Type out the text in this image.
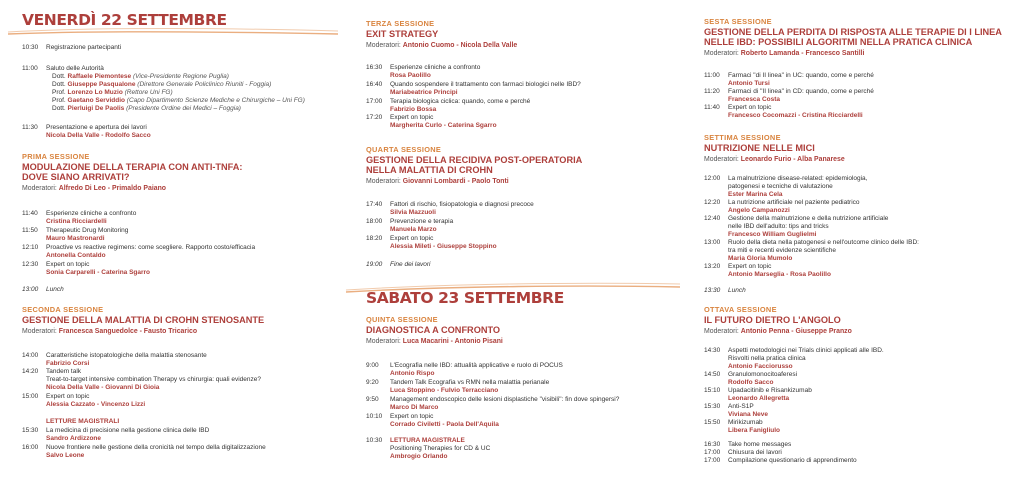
VENERDÌ 22 SETTEMBRE
10:30 Registrazione partecipanti
11:00 Saluto delle Autorità
Dott. Raffaele Piemontese (Vice-Presidente Regione Puglia)
Dott. Giuseppe Pasqualone (Direttore Generale Policlinico Riuniti - Foggia)
Prof. Lorenzo Lo Muzio (Rettore Uni FG)
Prof. Gaetano Serviddio (Capo Dipartimento Scienze Mediche e Chirurgiche – Uni FG)
Dott. Pierluigi De Paolis (Presidente Ordine dei Medici – Foggia)
11:30 Presentazione e apertura dei lavori
Nicola Della Valle - Rodolfo Sacco
PRIMA SESSIONE
MODULAZIONE DELLA TERAPIA CON ANTI-TNFA:
DOVE SIANO ARRIVATI?
Moderatori: Alfredo Di Leo - Primaldo Paiano
11:40 Esperienze cliniche a confronto
Cristina Ricciardelli
11:50 Therapeutic Drug Monitoring
Mauro Mastronardi
12:10 Proactive vs reactive regimens: come scegliere. Rapporto costo/efficacia
Antonella Contaldo
12:30 Expert on topic
Sonia Carparelli - Caterina Sgarro
13:00 Lunch
SECONDA SESSIONE
GESTIONE DELLA MALATTIA DI CROHN STENOSANTE
Moderatori: Francesca Sanguedolce - Fausto Tricarico
14:00 Caratteristiche istopatologiche della malattia stenosante
Fabrizio Corsi
14:20 Tandem talk
Treat-to-target intensive combination Therapy vs chirurgia: quali evidenze?
Nicola Della Valle - Giovanni Di Gioia
15:00 Expert on topic
Alessia Cazzato - Vincenzo Lizzi
LETTURE MAGISTRALI
15:30 La medicina di precisione nella gestione clinica delle IBD
Sandro Ardizzone
16:00 Nuove frontiere nelle gestione della cronicità nel tempo della digitalizzazione
Salvo Leone
TERZA SESSIONE
EXIT STRATEGY
Moderatori: Antonio Cuomo - Nicola Della Valle
16:30 Esperienze cliniche a confronto
Rosa Paolillo
16:40 Quando sospendere il trattamento con farmaci biologici nelle IBD?
Mariabeatrice Principi
17:00 Terapia biologica ciclica: quando, come e perché
Fabrizio Bossa
17:20 Expert on topic
Margherita Curlo - Caterina Sgarro
QUARTA SESSIONE
GESTIONE DELLA RECIDIVA POST-OPERATORIA
NELLA MALATTIA DI CROHN
Moderatori: Giovanni Lombardi - Paolo Tonti
17:40 Fattori di rischio, fisiopatologia e diagnosi precoce
Silvia Mazzuoli
18:00 Prevenzione e terapia
Manuela Marzo
18:20 Expert on topic
Alessia Mileti - Giuseppe Stoppino
19:00 Fine dei lavori
SABATO 23 SETTEMBRE
QUINTA SESSIONE
DIAGNOSTICA A CONFRONTO
Moderatori: Luca Macarini - Antonio Pisani
9:00 L'Ecografia nelle IBD: attualità applicative e ruolo di POCUS
Antonio Rispo
9:20 Tandem Talk Ecografia vs RMN nella malattia perianale
Luca Stoppino - Fulvio Terracciano
9:50 Management endoscopico delle lesioni displastiche "visibili": fin dove spingersi?
Marco Di Marco
10:10 Expert on topic
Corrado Civiletti - Paola Dell'Aquila
10:30 LETTURA MAGISTRALE
Positioning Therapies for CD & UC
Ambrogio Orlando
SESTA SESSIONE
GESTIONE DELLA PERDITA DI RISPOSTA ALLE TERAPIE DI I LINEA
NELLE IBD: POSSIBILI ALGORITMI NELLA PRATICA CLINICA
Moderatori: Roberto Lamanda - Francesco Santilli
11:00 Farmaci "di II linea" in UC: quando, come e perché
Antonio Tursi
11:20 Farmaci di "II linea" in CD: quando, come e perché
Francesca Costa
11:40 Expert on topic
Francesco Cocomazzi - Cristina Ricciardelli
SETTIMA SESSIONE
NUTRIZIONE NELLE MICI
Moderatori: Leonardo Furio - Alba Panarese
12:00 La malnutrizione disease-related: epidemiologia,
patogenesi e tecniche di valutazione
Ester Marina Cela
12:20 La nutrizione artificiale nel paziente pediatrico
Angelo Campanozzi
12:40 Gestione della malnutrizione e della nutrizione artificiale
nelle IBD dell'adulto: tips and tricks
Francesco William Guglielmi
13:00 Ruolo della dieta nella patogenesi e nell'outcome clinico delle IBD:
tra miti e recenti evidenze scientifiche
Maria Gloria Mumolo
13:20 Expert on topic
Antonio Marseglia - Rosa Paolillo
13:30 Lunch
OTTAVA SESSIONE
IL FUTURO DIETRO L'ANGOLO
Moderatori: Antonio Penna - Giuseppe Pranzo
14:30 Aspetti metodologici nei Trials clinici applicati alle IBD.
Risvolti nella pratica clinica
Antonio Facciorusso
14:50 Granulomonocitoaferesi
Rodolfo Sacco
15:10 Upadacitinib e Risankizumab
Leonardo Allegretta
15:30 Anti-S1P
Viviana Neve
15:50 Mirikizumab
Libera Fanigliulo
16:30 Take home messages
17:00 Chiusura dei lavori
17:00 Compilazione questionario di apprendimento
